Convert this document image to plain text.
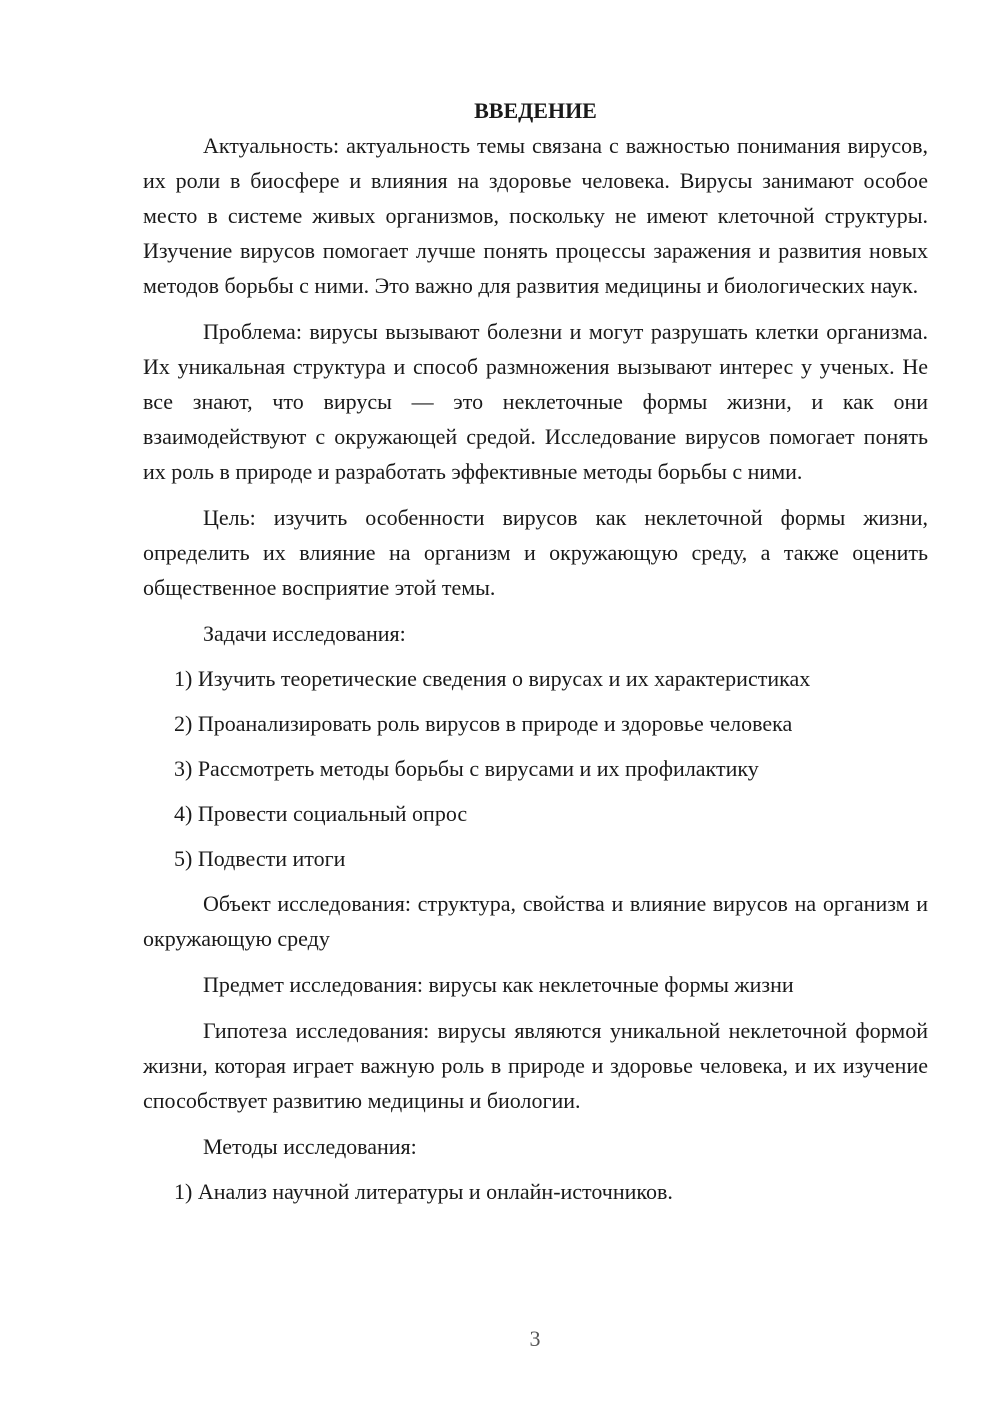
ВВЕДЕНИЕ

Актуальность: актуальность темы связана с важностью понимания вирусов, их роли в биосфере и влияния на здоровье человека. Вирусы занимают особое место в системе живых организмов, поскольку не имеют клеточной структуры. Изучение вирусов помогает лучше понять процессы заражения и развития новых методов борьбы с ними. Это важно для развития медицины и биологических наук.

Проблема: вирусы вызывают болезни и могут разрушать клетки организма. Их уникальная структура и способ размножения вызывают интерес у ученых. Не все знают, что вирусы — это неклеточные формы жизни, и как они взаимодействуют с окружающей средой. Исследование вирусов помогает понять их роль в природе и разработать эффективные методы борьбы с ними.

Цель: изучить особенности вирусов как неклеточной формы жизни, определить их влияние на организм и окружающую среду, а также оценить общественное восприятие этой темы.

Задачи исследования:
1) Изучить теоретические сведения о вирусах и их характеристиках
2) Проанализировать роль вирусов в природе и здоровье человека
3) Рассмотреть методы борьбы с вирусами и их профилактику
4) Провести социальный опрос
5) Подвести итоги

Объект исследования: структура, свойства и влияние вирусов на организм и окружающую среду

Предмет исследования: вирусы как неклеточные формы жизни

Гипотеза исследования: вирусы являются уникальной неклеточной формой жизни, которая играет важную роль в природе и здоровье человека, и их изучение способствует развитию медицины и биологии.

Методы исследования:
1) Анализ научной литературы и онлайн-источников.
3
